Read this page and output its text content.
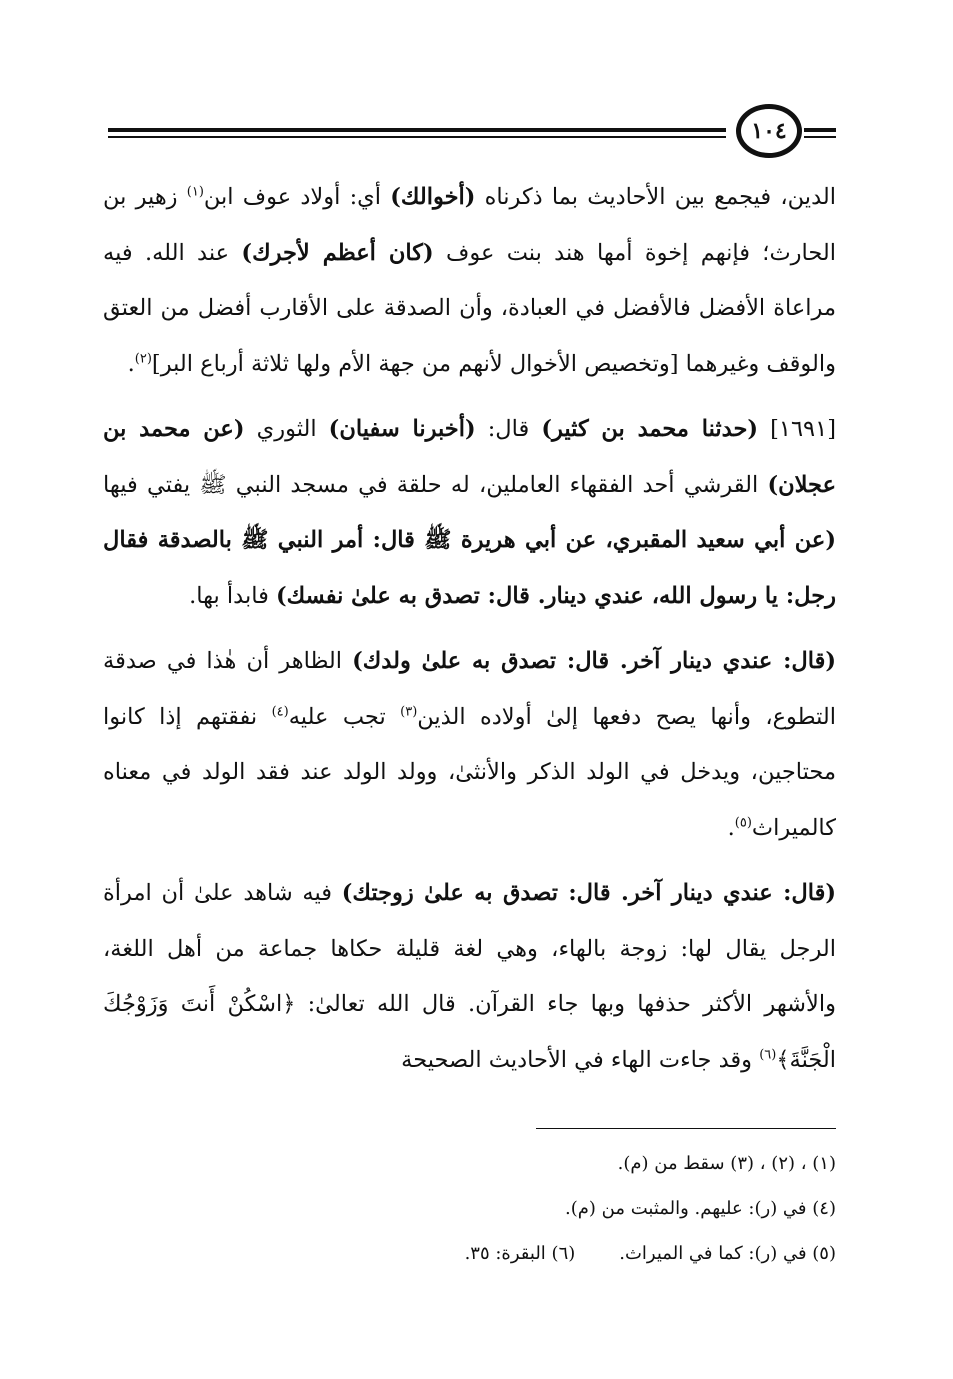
١٠٤

الدين، فيجمع بين الأحاديث بما ذكرناه (أخوالك) أي: أولاد عوف ابن$^{(١)}$ زهير بن الحارث؛ فإنهم إخوة أمها هند بنت عوف (كان أعظم لأجرك) عند الله. فيه مراعاة الأفضل فالأفضل في العبادة، وأن الصدقة على الأقارب أفضل من العتق والوقف وغيرهما [وتخصيص الأخوال لأنهم من جهة الأم ولها ثلاثة أرباع البر]$^{(٢)}$.

[١٦٩١] (حدثنا محمد بن كثير) قال: (أخبرنا سفيان) الثوري (عن محمد بن عجلان) القرشي أحد الفقهاء العاملين، له حلقة في مسجد النبي ﷺ يفتي فيها (عن أبي سعيد المقبري، عن أبي هريرة ﷺ قال: أمر النبي ﷺ بالصدقة فقال رجل: يا رسول الله، عندي دينار. قال: تصدق به علىٰ نفسك) فابدأ بها.

(قال: عندي دينار آخر. قال: تصدق به علىٰ ولدك) الظاهر أن هٰذا في صدقة التطوع، وأنها يصح دفعها إلىٰ أولاده الذين$^{(٣)}$ تجب عليه$^{(٤)}$ نفقتهم إذا كانوا محتاجين، ويدخل في الولد الذكر والأنثىٰ، وولد الولد عند فقد الولد في معناه كالميراث$^{(٥)}$.

(قال: عندي دينار آخر. قال: تصدق به علىٰ زوجتك) فيه شاهد علىٰ أن امرأة الرجل يقال لها: زوجة بالهاء، وهي لغة قليلة حكاها جماعة من أهل اللغة، والأشهر الأكثر حذفها وبها جاء القرآن. قال الله تعالىٰ: ﴿اسْكُنْ أَنتَ وَزَوْجُكَ الْجَنَّةَ﴾$^{(٦)}$ وقد جاءت الهاء في الأحاديث الصحيحة

(١) ، (٢) ، (٣) سقط من (م).
(٤) في (ر): عليهم. والمثبت من (م).
(٥) في (ر): كما في الميراث.(٦) البقرة: ٣٥.
